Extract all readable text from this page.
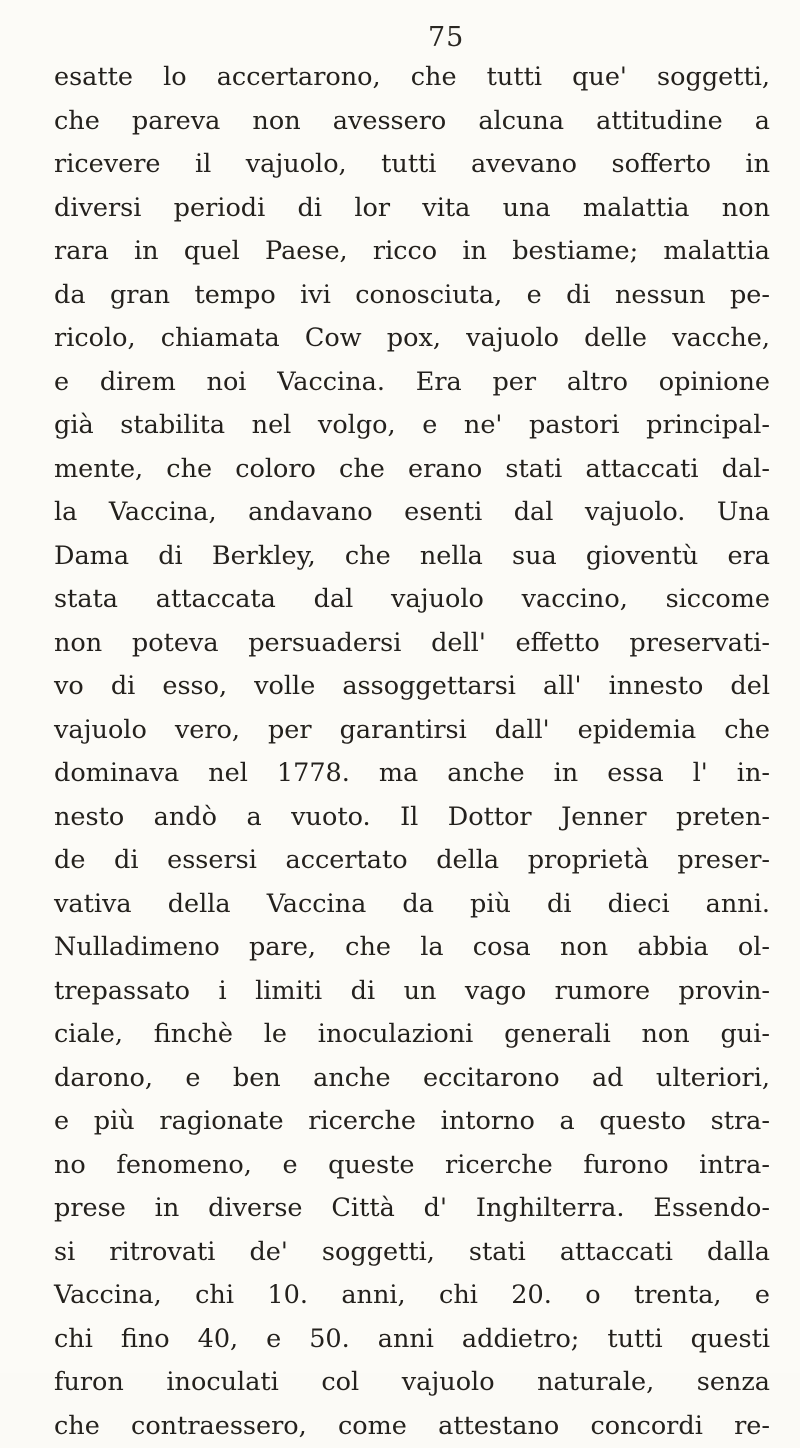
75
esatte lo accertarono, che tutti que' soggetti,
che pareva non avessero alcuna attitudine a
ricevere il vajuolo, tutti avevano sofferto in
diversi periodi di lor vita una malattia non
rara in quel Paese, ricco in bestiame; malattia
da gran tempo ivi conosciuta, e di nessun pe-
ricolo, chiamata Cow pox, vajuolo delle vacche,
e direm noi Vaccina. Era per altro opinione
già stabilita nel volgo, e ne' pastori principal-
mente, che coloro che erano stati attaccati dal-
la Vaccina, andavano esenti dal vajuolo. Una
Dama di Berkley, che nella sua gioventù era
stata attaccata dal vajuolo vaccino, siccome
non poteva persuadersi dell' effetto preservati-
vo di esso, volle assoggettarsi all' innesto del
vajuolo vero, per garantirsi dall' epidemia che
dominava nel 1778. ma anche in essa l' in-
nesto andò a vuoto. Il Dottor Jenner preten-
de di essersi accertato della proprietà preser-
vativa della Vaccina da più di dieci anni.
Nulladimeno pare, che la cosa non abbia ol-
trepassato i limiti di un vago rumore provin-
ciale, finchè le inoculazioni generali non gui-
darono, e ben anche eccitarono ad ulteriori,
e più ragionate ricerche intorno a questo stra-
no fenomeno, e queste ricerche furono intra-
prese in diverse Città d' Inghilterra. Essendo-
si ritrovati de' soggetti, stati attaccati dalla
Vaccina, chi 10. anni, chi 20. o trenta, e
chi fino 40, e 50. anni addietro; tutti questi
furon inoculati col vajuolo naturale, senza
che contraessero, come attestano concordi re-
